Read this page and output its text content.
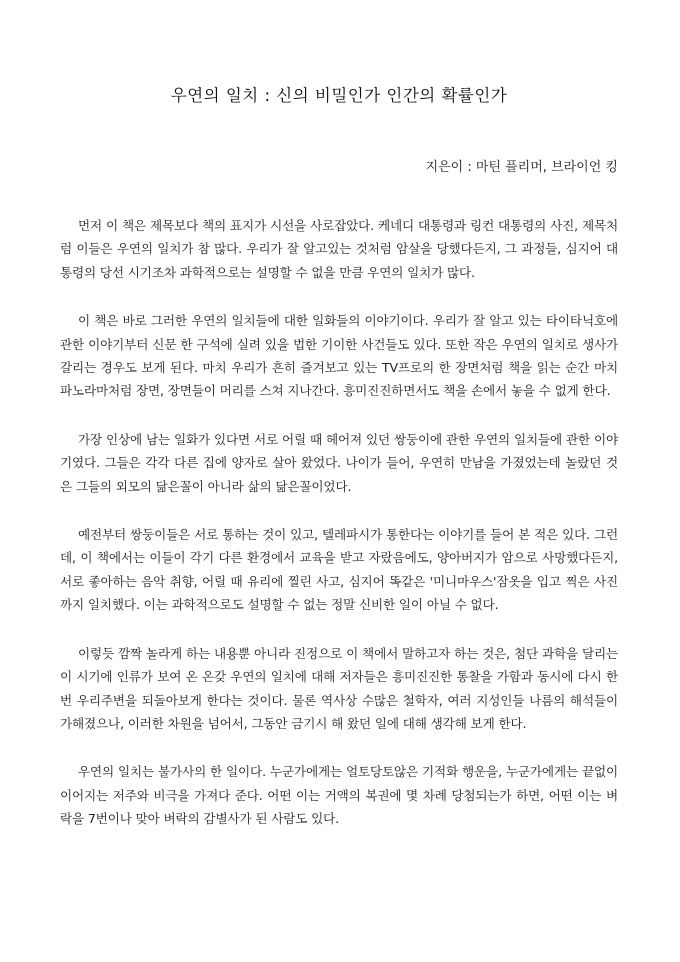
우연의 일치 : 신의 비밀인가 인간의 확률인가

지은이 : 마틴 플리머, 브라이언 킹

먼저 이 책은 제목보다 책의 표지가 시선을 사로잡았다. 케네디 대통령과 링컨 대통령의 사진, 제목처럼 이들은 우연의 일치가 참 많다. 우리가 잘 알고있는 것처럼 암살을 당했다든지, 그 과정들, 심지어 대통령의 당선 시기조차 과학적으로는 설명할 수 없을 만큼 우연의 일치가 많다.

이 책은 바로 그러한 우연의 일치들에 대한 일화들의 이야기이다. 우리가 잘 알고 있는 타이타닉호에 관한 이야기부터 신문 한 구석에 실려 있을 법한 기이한 사건들도 있다. 또한 작은 우연의 일치로 생사가 갈리는 경우도 보게 된다. 마치 우리가 흔히 즐겨보고 있는 TV프로의 한 장면처럼 책을 읽는 순간 마치 파노라마처럼 장면, 장면들이 머리를 스쳐 지나간다. 흥미진진하면서도 책을 손에서 놓을 수 없게 한다.

가장 인상에 남는 일화가 있다면 서로 어릴 때 헤어져 있던 쌍둥이에 관한 우연의 일치들에 관한 이야기였다. 그들은 각각 다른 집에 양자로 살아 왔었다. 나이가 들어, 우연히 만남을 가졌었는데 놀랐던 것은 그들의 외모의 닮은꼴이 아니라 삶의 닮은꼴이었다.

예전부터 쌍둥이들은 서로 통하는 것이 있고, 텔레파시가 통한다는 이야기를 들어 본 적은 있다. 그런데, 이 책에서는 이들이 각기 다른 환경에서 교육을 받고 자랐음에도, 양아버지가 암으로 사망했다든지, 서로 좋아하는 음악 취향, 어릴 때 유리에 찔린 사고, 심지어 똑같은 '미니마우스'잠옷을 입고 찍은 사진까지 일치했다. 이는 과학적으로도 설명할 수 없는 정말 신비한 일이 아닐 수 없다.

이렇듯 깜짝 놀라게 하는 내용뿐 아니라 진정으로 이 책에서 말하고자 하는 것은, 첨단 과학을 달리는 이 시기에 인류가 보여 온 온갖 우연의 일치에 대해 저자들은 흥미진진한 통찰을 가함과 동시에 다시 한번 우리주변을 되돌아보게 한다는 것이다. 물론 역사상 수많은 철학자, 여러 지성인들 나름의 해석들이 가해졌으나, 이러한 차원을 넘어서, 그동안 금기시 해 왔던 일에 대해 생각해 보게 한다.

우연의 일치는 불가사의 한 일이다. 누군가에게는 얼토당토않은 기적화 행운을, 누군가에게는 끝없이 이어지는 저주와 비극을 가져다 준다. 어떤 이는 거액의 복권에 몇 차례 당첨되는가 하면, 어떤 이는 벼락을 7번이나 맞아 벼락의 감별사가 된 사람도 있다.
